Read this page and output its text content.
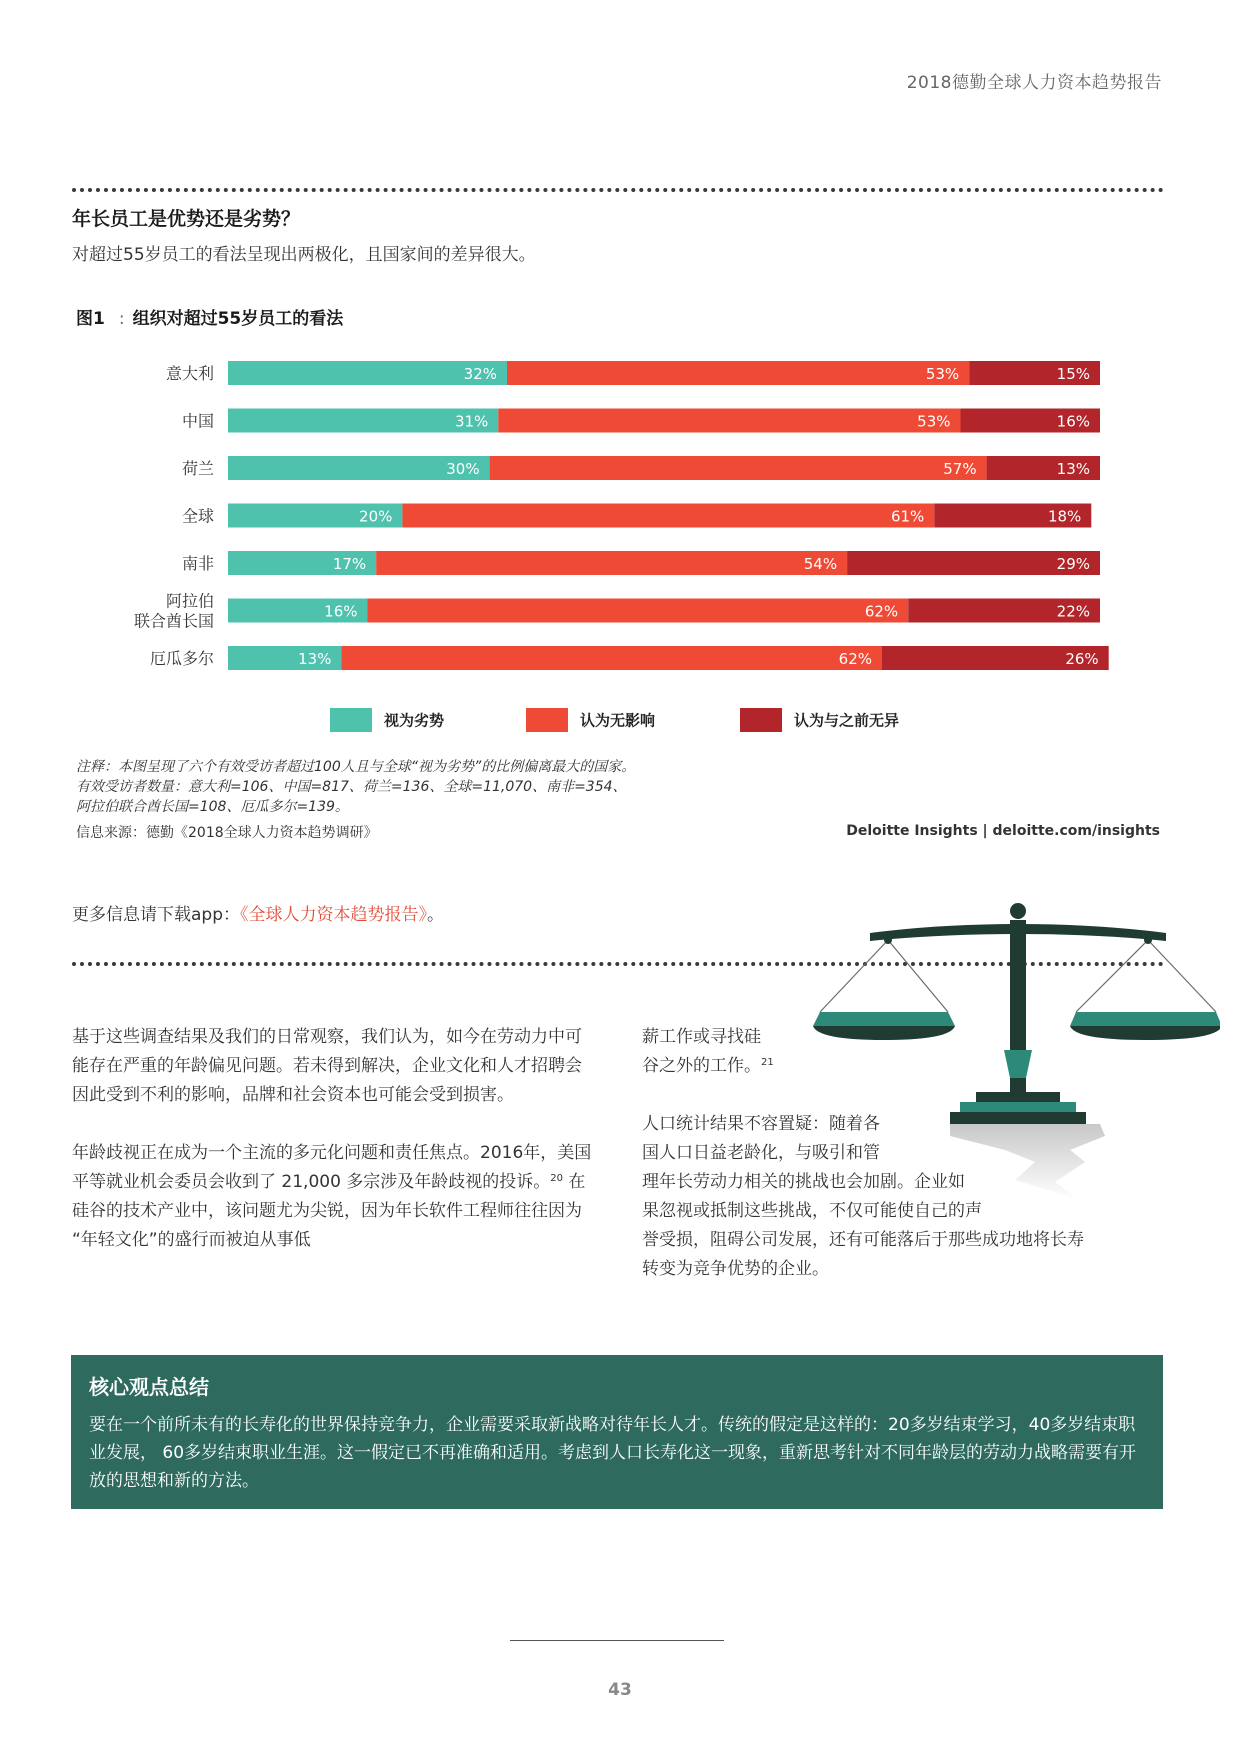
2018德勤全球人力资本趋势报告
年长员工是优势还是劣势？
对超过55岁员工的看法呈现出两极化，且国家间的差异很大。
图1 : 组织对超过55岁员工的看法
意大利	32%	53%	15%
中国	31%	53%	16%
荷兰	30%	57%	13%
全球	20%	61%	18%
南非	17%	54%	29%
阿拉伯
联合酋长国	16%	62%	22%
厄瓜多尔	13%	62%	26%
视为劣势	认为无影响	认为与之前无异
注释：本图呈现了六个有效受访者超过100人且与全球“视为劣势”的比例偏离最大的国家。
有效受访者数量：意大利=106、中国=817、荷兰=136、全球=11,070、南非=354、
阿拉伯联合酋长国=108、厄瓜多尔=139。
信息来源：德勤《2018全球人力资本趋势调研》	Deloitte Insights | deloitte.com/insights
更多信息请下载app：《全球人力资本趋势报告》。

基于这些调查结果及我们的日常观察，我们认为，如今在劳动力中可能存在严重的年龄偏见问题。若未得到解决，企业文化和人才招聘会因此受到不利的影响，品牌和社会资本也可能会受到损害。

年龄歧视正在成为一个主流的多元化问题和责任焦点。2016年，美国平等就业机会委员会收到了 21,000 多宗涉及年龄歧视的投诉。$^{20}$ 在硅谷的技术产业中，该问题尤为尖锐，因为年长软件工程师往往因为 “年轻文化”的盛行而被迫从事低

薪工作或寻找硅
谷之外的工作。$^{21}$
人口统计结果不容置疑：随着各
国人口日益老龄化，与吸引和管
理年长劳动力相关的挑战也会加剧。企业如
果忽视或抵制这些挑战，不仅可能使自己的声
誉受损，阻碍公司发展，还有可能落后于那些成功地将长寿
转变为竞争优势的企业。
核心观点总结
要在一个前所未有的长寿化的世界保持竞争力，企业需要采取新战略对待年长人才。传统的假定是这样的：20多岁结束学习，40多岁结束职业发展， 60多岁结束职业生涯。这一假定已不再准确和适用。考虑到人口长寿化这一现象，重新思考针对不同年龄层的劳动力战略需要有开放的思想和新的方法。
43
